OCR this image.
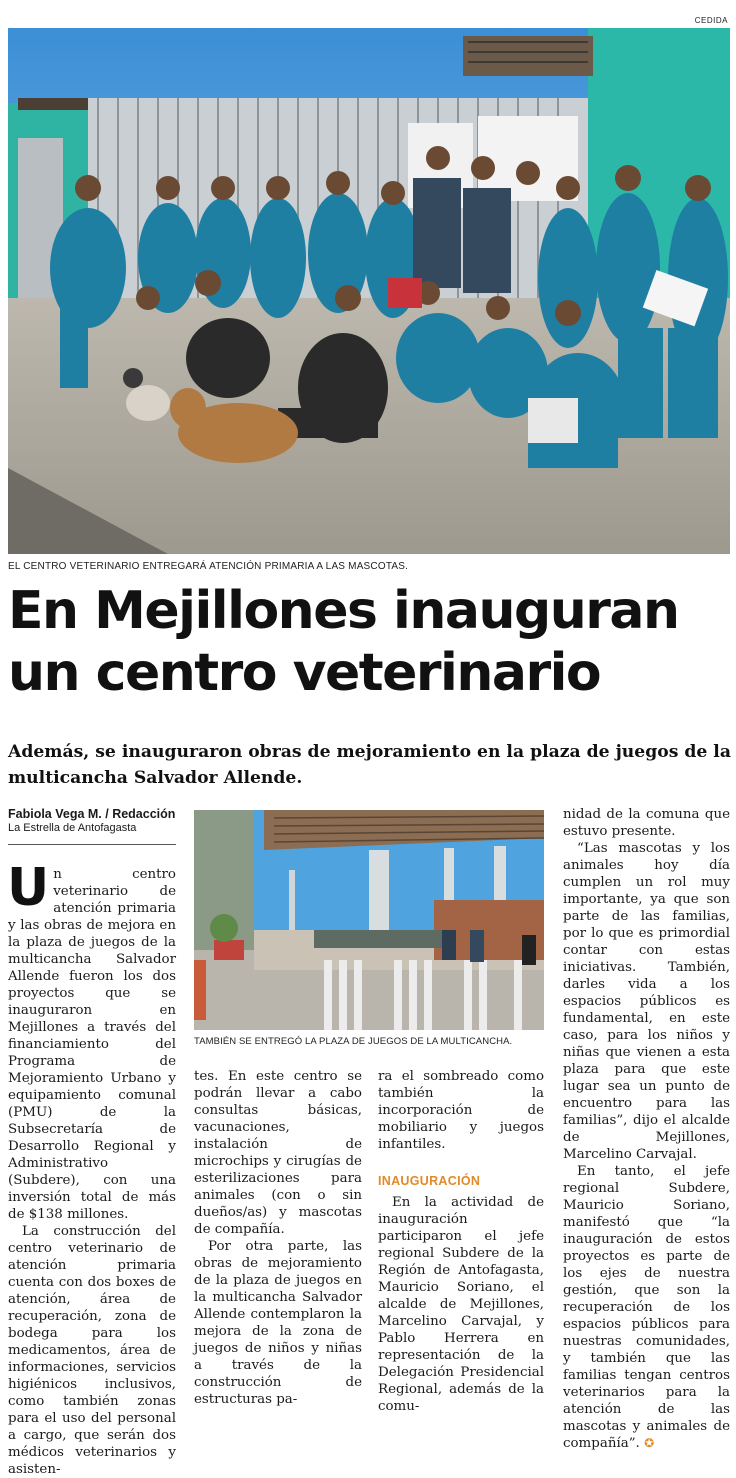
CEDIDA
EL CENTRO VETERINARIO ENTREGARÁ ATENCIÓN PRIMARIA A LAS MASCOTAS.
En Mejillones inauguran
un centro veterinario
Además, se inauguraron obras de mejoramiento en la plaza de juegos de la multicancha Salvador Allende.
Fabiola Vega M. / Redacción
La Estrella de Antofagasta

Un centro veterinario de atención primaria y las obras de mejora en la plaza de juegos de la multicancha Salvador Allende fueron los dos proyectos que se inauguraron en Mejillones a través del financiamiento del Programa de Mejoramiento Urbano y equipamiento comunal (PMU) de la Subsecretaría de Desarrollo Regional y Administrativo (Subdere), con una inversión total de más de $138 millones.

La construcción del centro veterinario de atención primaria cuenta con dos boxes de atención, área de recuperación, zona de bodega para los medicamentos, área de informaciones, servicios higiénicos inclusivos, como también zonas para el uso del personal a cargo, que serán dos médicos veterinarios y asisten-

TAMBIÉN SE ENTREGÓ LA PLAZA DE JUEGOS DE LA MULTICANCHA.

tes. En este centro se podrán llevar a cabo consultas básicas, vacunaciones, instalación de microchips y cirugías de esterilizaciones para animales (con o sin dueños/as) y mascotas de compañía.

Por otra parte, las obras de mejoramiento de la plaza de juegos en la multicancha Salvador Allende contemplaron la mejora de la zona de juegos de niños y niñas a través de la construcción de estructuras pa-

ra el sombreado como también la incorporación de mobiliario y juegos infantiles.

INAUGURACIÓN

En la actividad de inauguración participaron el jefe regional Subdere de la Región de Antofagasta, Mauricio Soriano, el alcalde de Mejillones, Marcelino Carvajal, y Pablo Herrera en representación de la Delegación Presidencial Regional, además de la comu-

nidad de la comuna que estuvo presente.

“Las mascotas y los animales hoy día cumplen un rol muy importante, ya que son parte de las familias, por lo que es primordial contar con estas iniciativas. También, darles vida a los espacios públicos es fundamental, en este caso, para los niños y niñas que vienen a esta plaza para que este lugar sea un punto de encuentro para las familias”, dijo el alcalde de Mejillones, Marcelino Carvajal.

En tanto, el jefe regional Subdere, Mauricio Soriano, manifestó que “la inauguración de estos proyectos es parte de los ejes de nuestra gestión, que son la recuperación de los espacios públicos para nuestras comunidades, y también que las familias tengan centros veterinarios para la atención de las mascotas y animales de compañía”. ✪
